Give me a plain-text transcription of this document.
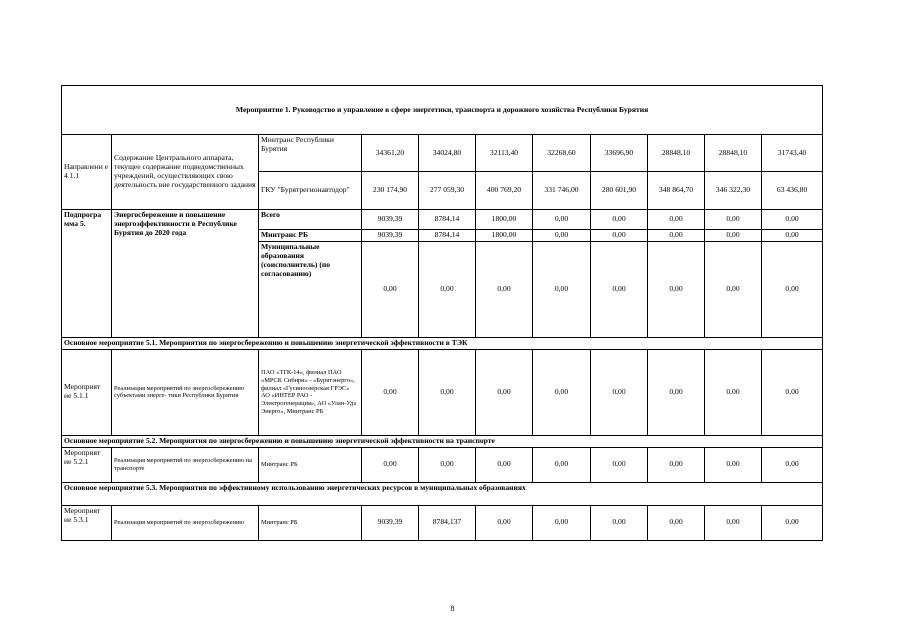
Мероприятие 1. Руководство и управление в сфере энергетики, транспорта и дорожного хозяйства Республики Бурятия										
Направлени е 4.1.1	Содержание Центрального аппарата, текущее содержание подведомственных учреждений, осуществляющих свою деятельность вне государственного задания	Минтранс Республики Бурятия	34361,20	34024,80	32113,40	32268,60	33696,90	28848,10	28848,10	31743,40
		ГКУ "Бурятрегионавтодор"	230 174,90	277 059,30	400 769,20	331 746,00	280 601,90	348 864,70	346 322,30	63 436,80
Подпрогра мма 5.	Энергосбережение и повышение энергоэффективности в Республике Бурятия до 2020 года	Всего	9039,39	8784,14	1800,00	0,00	0,00	0,00	0,00	0,00
		Минтранс РБ	9039,39	8784,14	1800,00	0,00	0,00	0,00	0,00	0,00
		Муниципальные образования (соисполнитель) (по согласованию)	0,00	0,00	0,00	0,00	0,00	0,00	0,00	0,00
Основное мероприятие 5.1. Мероприятия по энергосбережению и повышению энергетической эффективности в ТЭК										
Мероприят ие 5.1.1	Реализация мероприятий по энергосбережению субъектами энерге- тики Республики Бурятия	ПАО «ТГК-14», филиал ПАО «МРСК Сибири» - «Бурятэнерго», филиал «Гусиноозерская ГРЭС» АО «ИНТЕР РАО - Электрогенерация», АО «Улан-Удэ Энерго», Минтранс РБ	0,00	0,00	0,00	0,00	0,00	0,00	0,00	0,00
Основное мероприятие 5.2. Мероприятия по энергосбережению и повышению энергетической эффективности на транспорте										
Мероприят ие 5.2.1	Реализация мероприятий по энергосбережению на транспорте	Минтранс РБ	0,00	0,00	0,00	0,00	0,00	0,00	0,00	0,00
Основное мероприятие 5.3. Мероприятия по эффективному использованию энергетических ресурсов в муниципальных образованиях										
Мероприят ие 5.3.1	Реализация мероприятий по энергосбережению	Минтранс РБ	9039,39	8784,137	0,00	0,00	0,00	0,00	0,00	0,00
8
